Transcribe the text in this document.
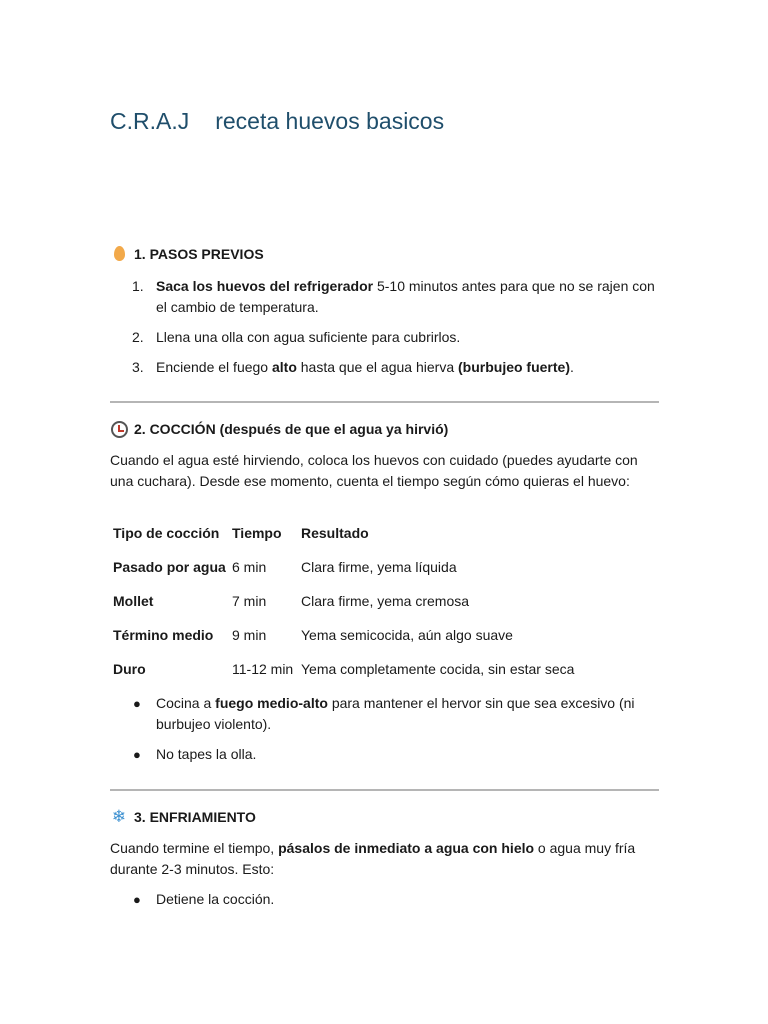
C.R.A.J receta huevos basicos
1. PASOS PREVIOS
1. Saca los huevos del refrigerador 5-10 minutos antes para que no se rajen con el cambio de temperatura.
2. Llena una olla con agua suficiente para cubrirlos.
3. Enciende el fuego alto hasta que el agua hierva (burbujeo fuerte).
2. COCCIÓN (después de que el agua ya hirvió)
Cuando el agua esté hirviendo, coloca los huevos con cuidado (puedes ayudarte con una cuchara). Desde ese momento, cuenta el tiempo según cómo quieras el huevo:
Tipo de cocción	Tiempo	Resultado
Pasado por agua	6 min	Clara firme, yema líquida
Mollet	7 min	Clara firme, yema cremosa
Término medio	9 min	Yema semicocida, aún algo suave
Duro	11-12 min	Yema completamente cocida, sin estar seca
● Cocina a fuego medio-alto para mantener el hervor sin que sea excesivo (ni burbujeo violento).
● No tapes la olla.
❄ 3. ENFRIAMIENTO
Cuando termine el tiempo, pásalos de inmediato a agua con hielo o agua muy fría durante 2-3 minutos. Esto:
● Detiene la cocción.
